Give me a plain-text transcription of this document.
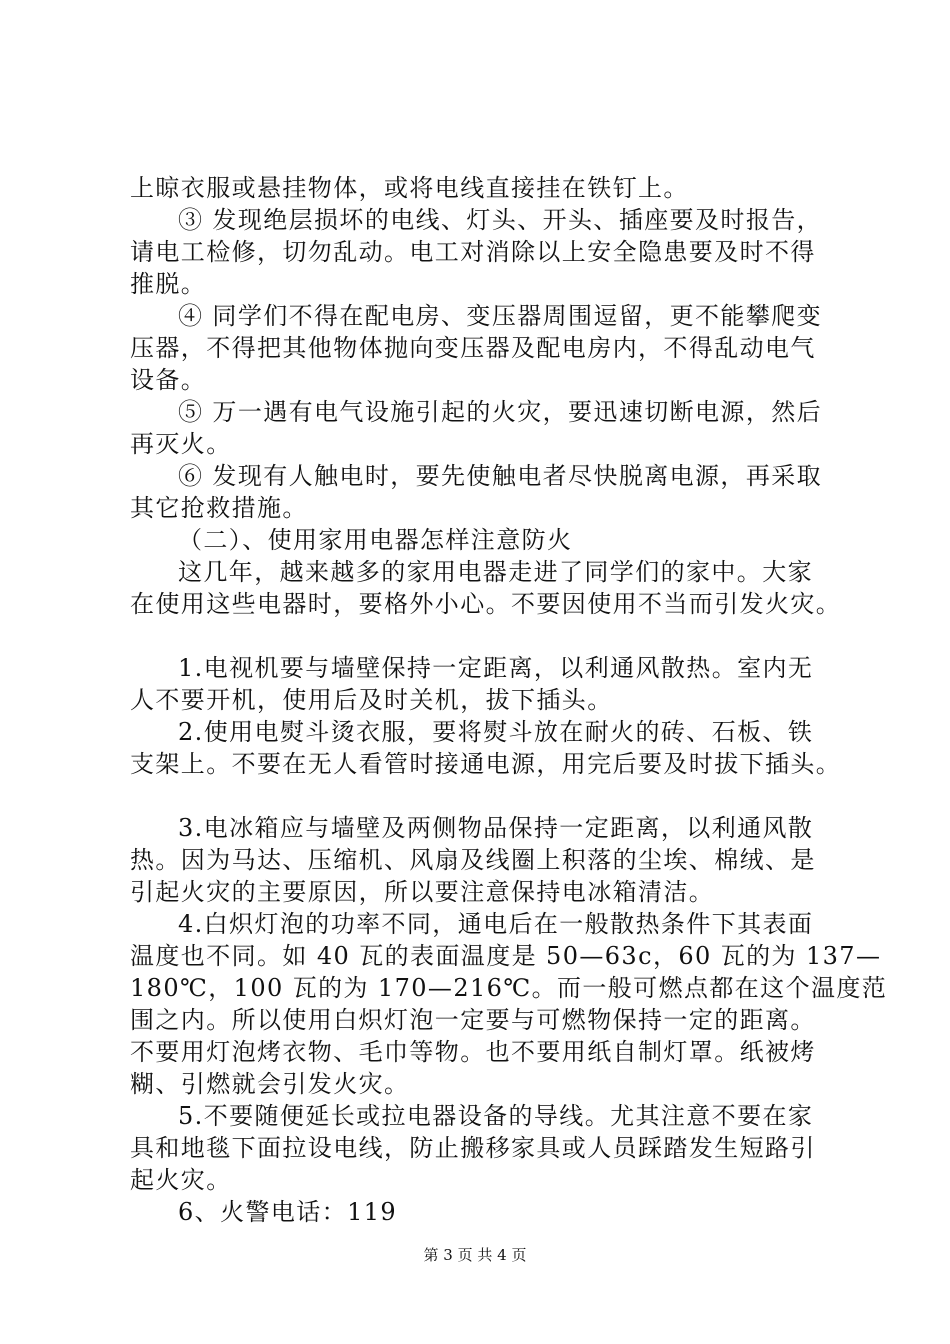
上晾衣服或悬挂物体，或将电线直接挂在铁钉上。
③ 发现绝层损坏的电线、灯头、开头、插座要及时报告，
请电工检修，切勿乱动。电工对消除以上安全隐患要及时不得
推脱。
④ 同学们不得在配电房、变压器周围逗留，更不能攀爬变
压器，不得把其他物体抛向变压器及配电房内，不得乱动电气
设备。
⑤ 万一遇有电气设施引起的火灾，要迅速切断电源，然后
再灭火。
⑥ 发现有人触电时，要先使触电者尽快脱离电源，再采取
其它抢救措施。
（二）、使用家用电器怎样注意防火
这几年，越来越多的家用电器走进了同学们的家中。大家
在使用这些电器时，要格外小心。不要因使用不当而引发火灾。
1.电视机要与墙壁保持一定距离，以利通风散热。室内无
人不要开机，使用后及时关机，拔下插头。
2.使用电熨斗烫衣服，要将熨斗放在耐火的砖、石板、铁
支架上。不要在无人看管时接通电源，用完后要及时拔下插头。
3.电冰箱应与墙壁及两侧物品保持一定距离，以利通风散
热。因为马达、压缩机、风扇及线圈上积落的尘埃、棉绒、是
引起火灾的主要原因，所以要注意保持电冰箱清洁。
4.白炽灯泡的功率不同，通电后在一般散热条件下其表面
温度也不同。如 40 瓦的表面温度是 50—63c，60 瓦的为 137—
180℃，100 瓦的为 170—216℃。而一般可燃点都在这个温度范
围之内。所以使用白炽灯泡一定要与可燃物保持一定的距离。
不要用灯泡烤衣物、毛巾等物。也不要用纸自制灯罩。纸被烤
糊、引燃就会引发火灾。
5.不要随便延长或拉电器设备的导线。尤其注意不要在家
具和地毯下面拉设电线，防止搬移家具或人员踩踏发生短路引
起火灾。
6、火警电话：119
第 3 页 共 4 页
